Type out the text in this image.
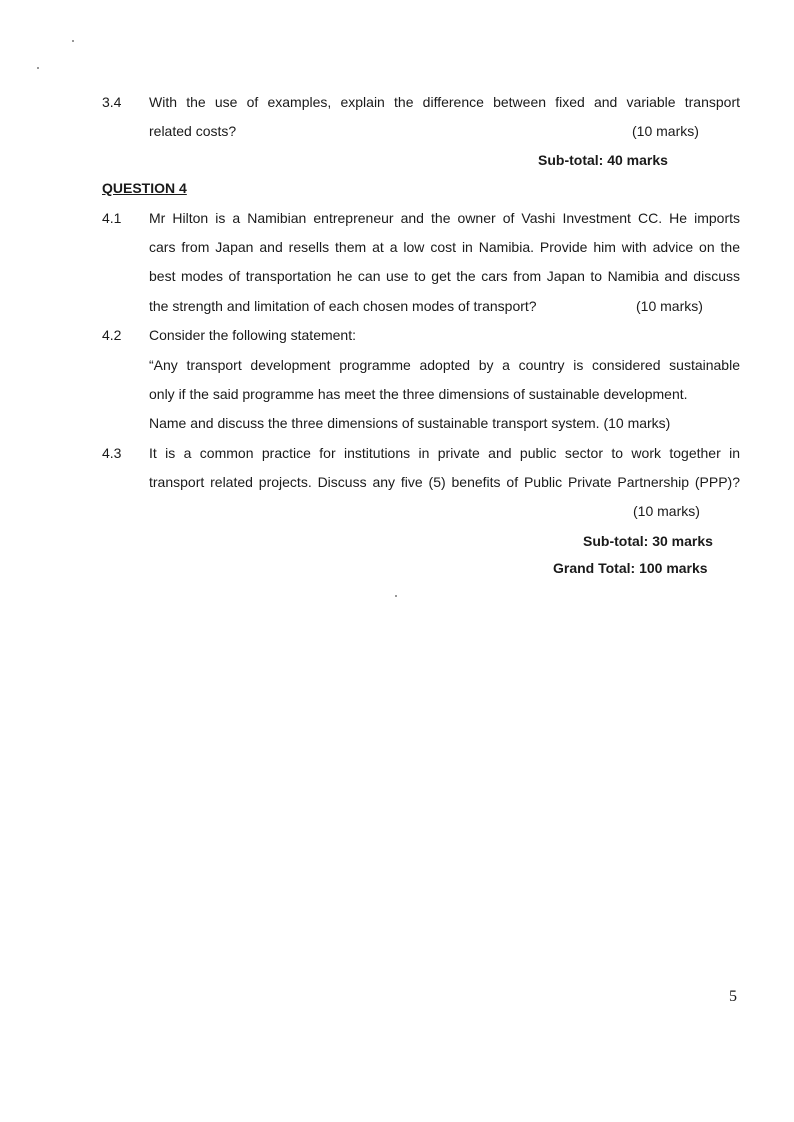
3.4 With the use of examples, explain the difference between fixed and variable transport
related costs?	(10 marks)
Sub-total: 40 marks
QUESTION 4
4.1 Mr Hilton is a Namibian entrepreneur and the owner of Vashi Investment CC. He imports
cars from Japan and resells them at a low cost in Namibia. Provide him with advice on the
best modes of transportation he can use to get the cars from Japan to Namibia and discuss
the strength and limitation of each chosen modes of transport?	(10 marks)
4.2 Consider the following statement:
“Any transport development programme adopted by a country is considered sustainable
only if the said programme has meet the three dimensions of sustainable development.
Name and discuss the three dimensions of sustainable transport system. (10 marks)
4.3 It is a common practice for institutions in private and public sector to work together in
transport related projects. Discuss any five (5) benefits of Public Private Partnership (PPP)?
(10 marks)
Sub-total: 30 marks
Grand Total: 100 marks
5
